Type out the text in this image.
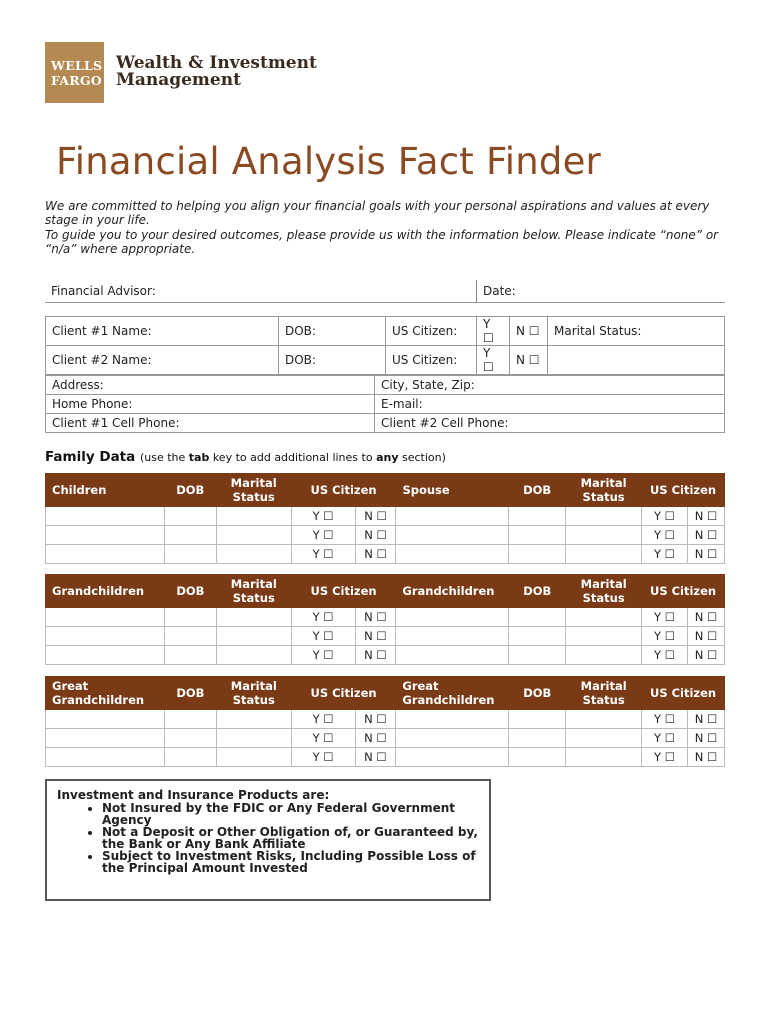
WELLS
FARGO
Wealth & Investment
Management
Financial Analysis Fact Finder
We are committed to helping you align your financial goals with your personal aspirations and values at every stage in your life.
To guide you to your desired outcomes, please provide us with the information below. Please indicate “none” or “n/a” where appropriate.
Financial Advisor:	Date:
Client #1 Name:	DOB:	US Citizen:	Y ☐	N ☐	Marital Status:
Client #2 Name:	DOB:	US Citizen:	Y ☐	N ☐	
Address:	City, State, Zip:
Home Phone:	E-mail:
Client #1 Cell Phone:	Client #2 Cell Phone:
Family Data (use the tab key to add additional lines to any section)
Children	DOB	Marital Status	US Citizen		Spouse	DOB	Marital Status	US Citizen	
			Y ☐	N ☐				Y ☐	N ☐
			Y ☐	N ☐				Y ☐	N ☐
			Y ☐	N ☐				Y ☐	N ☐
Grandchildren	DOB	Marital Status	US Citizen		Grandchildren	DOB	Marital Status	US Citizen	
			Y ☐	N ☐				Y ☐	N ☐
			Y ☐	N ☐				Y ☐	N ☐
			Y ☐	N ☐				Y ☐	N ☐
Great Grandchildren	DOB	Marital Status	US Citizen		Great Grandchildren	DOB	Marital Status	US Citizen	
			Y ☐	N ☐				Y ☐	N ☐
			Y ☐	N ☐				Y ☐	N ☐
			Y ☐	N ☐				Y ☐	N ☐
Investment and Insurance Products are:
• Not Insured by the FDIC or Any Federal Government Agency
• Not a Deposit or Other Obligation of, or Guaranteed by, the Bank or Any Bank Affiliate
• Subject to Investment Risks, Including Possible Loss of the Principal Amount Invested
